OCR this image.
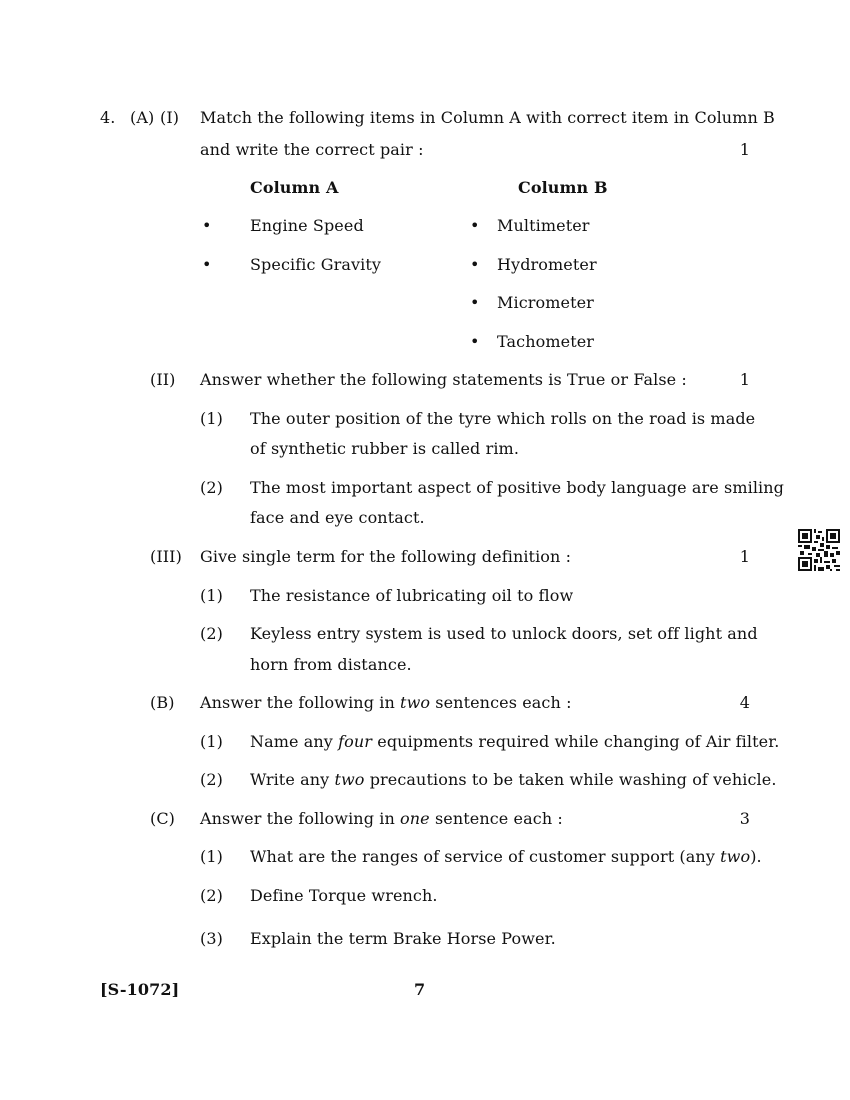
4. (A) (I) Match the following items in Column A with correct item in Column B
and write the correct pair :	1
Column A	Column B
• Engine Speed
• Specific Gravity
• Multimeter
• Hydrometer
• Micrometer
• Tachometer
(II) Answer whether the following statements is True or False :	1
(1) The outer position of the tyre which rolls on the road is made
of synthetic rubber is called rim.
(2) The most important aspect of positive body language are smiling
face and eye contact.
(III) Give single term for the following definition :	1
(1) The resistance of lubricating oil to flow
(2) Keyless entry system is used to unlock doors, set off light and
horn from distance.
(B) Answer the following in two sentences each :	4
(1) Name any four equipments required while changing of Air filter.
(2) Write any two precautions to be taken while washing of vehicle.
(C) Answer the following in one sentence each :	3
(1) What are the ranges of service of customer support (any two).
(2) Define Torque wrench.
(3) Explain the term Brake Horse Power.
[S-1072]	7
